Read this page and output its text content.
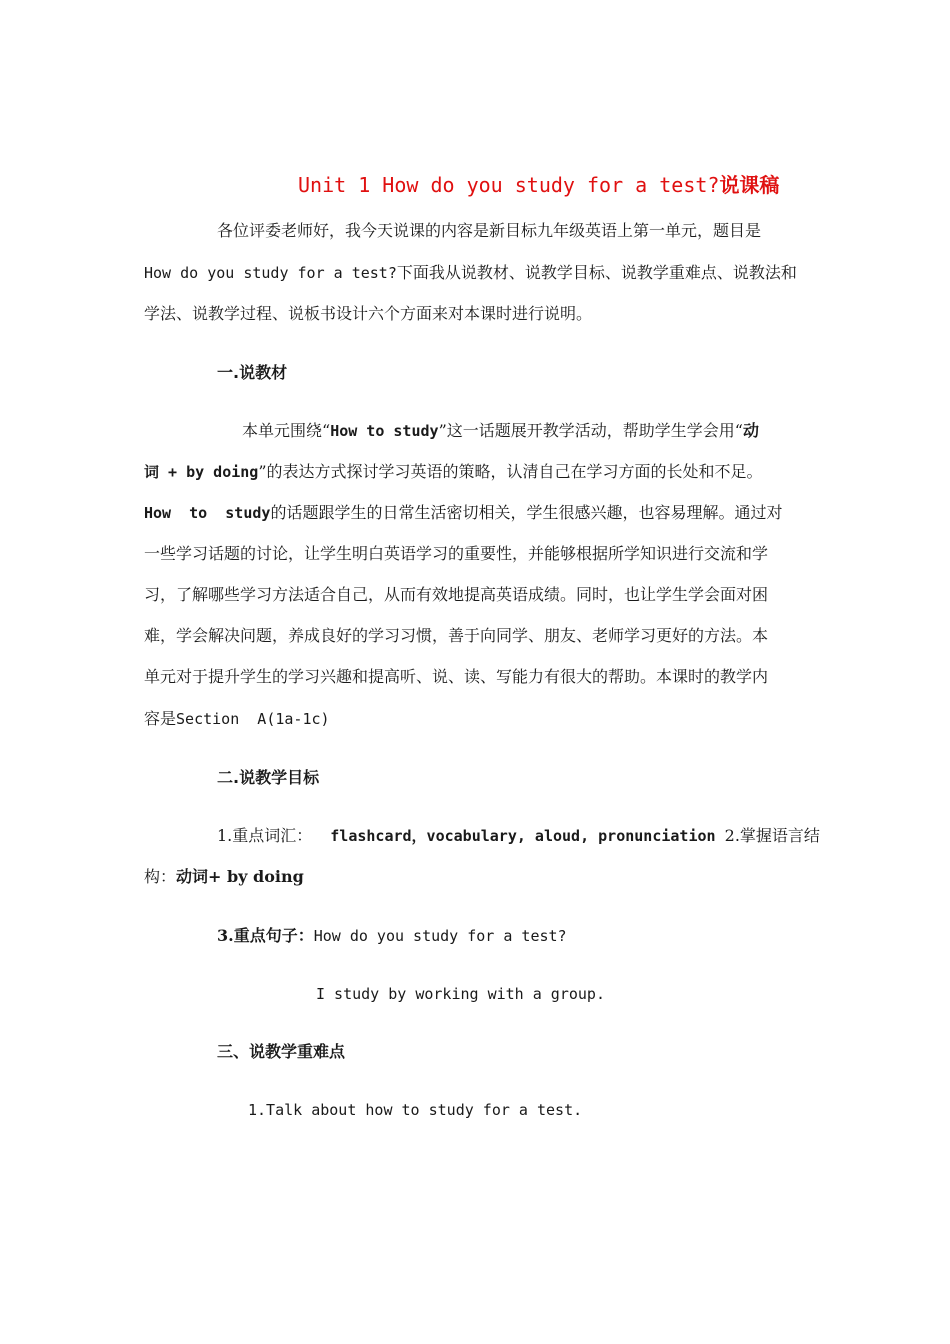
Unit 1 How do you study for a test?说课稿
各位评委老师好，我今天说课的内容是新目标九年级英语上第一单元，题目是
How do you study for a test?下面我从说教材、说教学目标、说教学重难点、说教法和
学法、说教学过程、说板书设计六个方面来对本课时进行说明。
一.说教材
本单元围绕“How to study”这一话题展开教学活动，帮助学生学会用“动
词 + by doing”的表达方式探讨学习英语的策略，认清自己在学习方面的长处和不足。
How  to  study的话题跟学生的日常生活密切相关，学生很感兴趣，也容易理解。通过对
一些学习话题的讨论，让学生明白英语学习的重要性，并能够根据所学知识进行交流和学
习，了解哪些学习方法适合自己，从而有效地提高英语成绩。同时，也让学生学会面对困
难，学会解决问题，养成良好的学习习惯，善于向同学、朋友、老师学习更好的方法。本
单元对于提升学生的学习兴趣和提高听、说、读、写能力有很大的帮助。本课时的教学内
容是Section  A(1a-1c)
二.说教学目标
1.重点词汇： flashcard，vocabulary, aloud, pronunciation 2.掌握语言结
构：动词+ by doing
3.重点句子：How do you study for a test?
I study by working with a group.
三、说教学重难点
1.Talk about how to study for a test.
